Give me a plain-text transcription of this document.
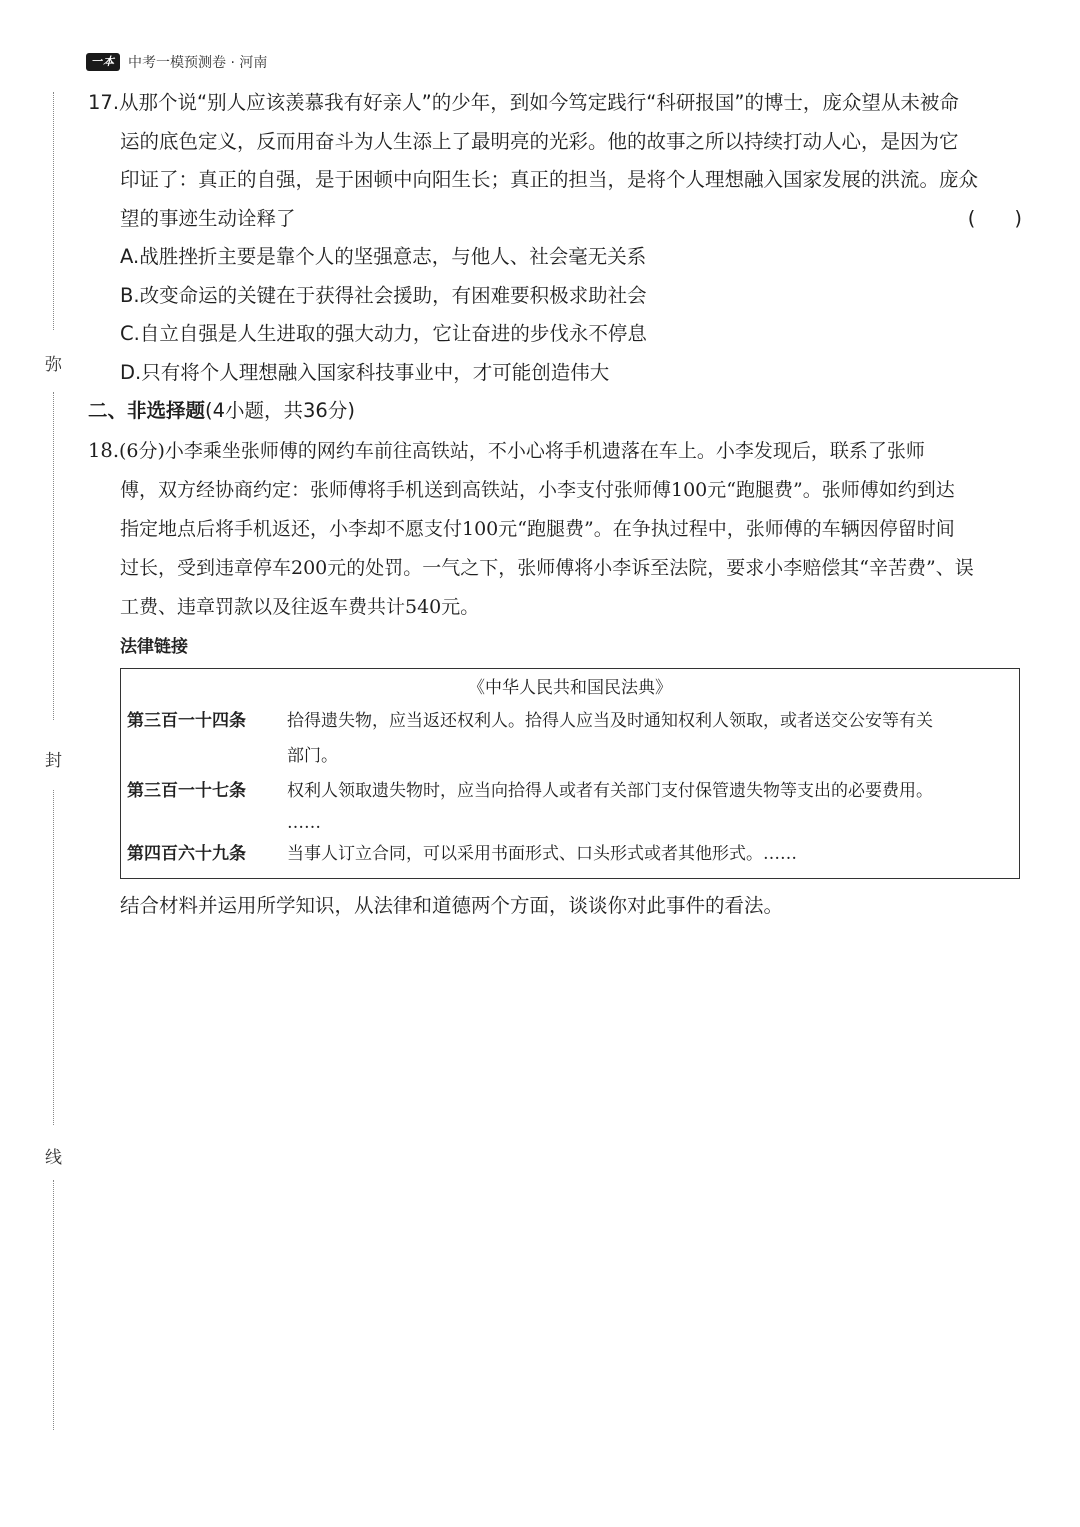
一本 中考一模预测卷 · 河南
弥
封
线

17.从那个说“别人应该羡慕我有好亲人”的少年，到如今笃定践行“科研报国”的博士，庞众望从未被命

运的底色定义，反而用奋斗为人生添上了最明亮的光彩。他的故事之所以持续打动人心，是因为它

印证了：真正的自强，是于困顿中向阳生长；真正的担当，是将个人理想融入国家发展的洪流。庞众

望的事迹生动诠释了	(　　)

A.战胜挫折主要是靠个人的坚强意志，与他人、社会毫无关系

B.改变命运的关键在于获得社会援助，有困难要积极求助社会

C.自立自强是人生进取的强大动力，它让奋进的步伐永不停息

D.只有将个人理想融入国家科技事业中，才可能创造伟大

二、非选择题(4小题，共36分)

18.(6分)小李乘坐张师傅的网约车前往高铁站，不小心将手机遗落在车上。小李发现后，联系了张师

傅，双方经协商约定：张师傅将手机送到高铁站，小李支付张师傅100元“跑腿费”。张师傅如约到达

指定地点后将手机返还，小李却不愿支付100元“跑腿费”。在争执过程中，张师傅的车辆因停留时间

过长，受到违章停车200元的处罚。一气之下，张师傅将小李诉至法院，要求小李赔偿其“辛苦费”、误

工费、违章罚款以及往返车费共计540元。

法律链接
《中华人民共和国民法典》
第三百一十四条	拾得遗失物，应当返还权利人。拾得人应当及时通知权利人领取，或者送交公安等有关
部门。
第三百一十七条	权利人领取遗失物时，应当向拾得人或者有关部门支付保管遗失物等支出的必要费用。
……
第四百六十九条	当事人订立合同，可以采用书面形式、口头形式或者其他形式。……
结合材料并运用所学知识，从法律和道德两个方面，谈谈你对此事件的看法。
